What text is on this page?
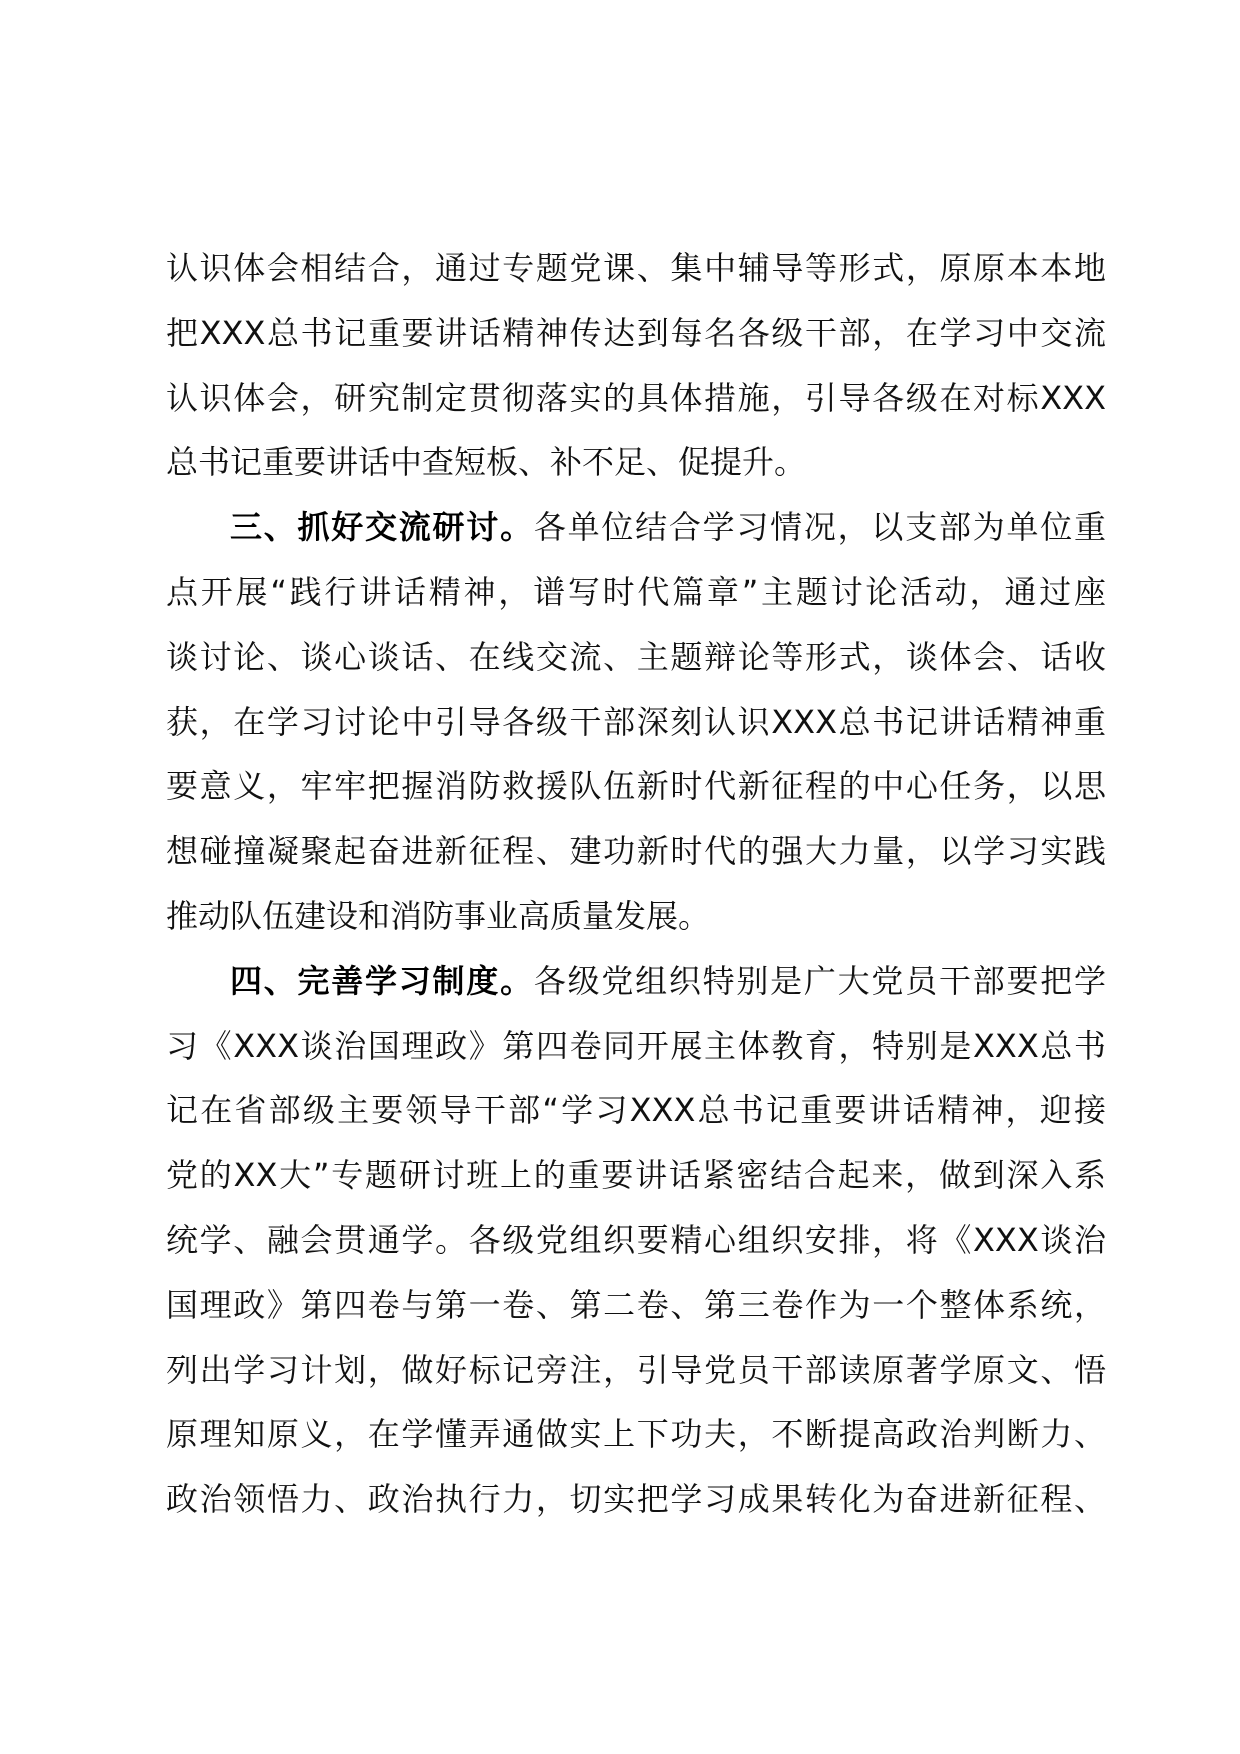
认识体会相结合，通过专题党课、集中辅导等形式，原原本本地
把XXX总书记重要讲话精神传达到每名各级干部，在学习中交流
认识体会，研究制定贯彻落实的具体措施，引导各级在对标XXX
总书记重要讲话中查短板、补不足、促提升。
三、抓好交流研讨。各单位结合学习情况，以支部为单位重
点开展“践行讲话精神，谱写时代篇章”主题讨论活动，通过座
谈讨论、谈心谈话、在线交流、主题辩论等形式，谈体会、话收
获，在学习讨论中引导各级干部深刻认识XXX总书记讲话精神重
要意义，牢牢把握消防救援队伍新时代新征程的中心任务，以思
想碰撞凝聚起奋进新征程、建功新时代的强大力量，以学习实践
推动队伍建设和消防事业高质量发展。
四、完善学习制度。各级党组织特别是广大党员干部要把学
习《XXX谈治国理政》第四卷同开展主体教育，特别是XXX总书
记在省部级主要领导干部“学习XXX总书记重要讲话精神，迎接
党的XX大”专题研讨班上的重要讲话紧密结合起来，做到深入系
统学、融会贯通学。各级党组织要精心组织安排，将《XXX谈治
国理政》第四卷与第一卷、第二卷、第三卷作为一个整体系统，
列出学习计划，做好标记旁注，引导党员干部读原著学原文、悟
原理知原义，在学懂弄通做实上下功夫，不断提高政治判断力、
政治领悟力、政治执行力，切实把学习成果转化为奋进新征程、
